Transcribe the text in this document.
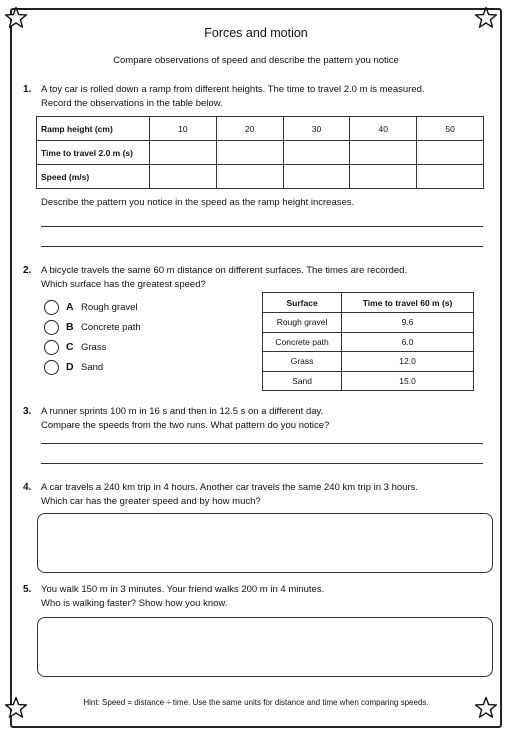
Forces and motion
Compare observations of speed and describe the pattern you notice
1. A toy car is rolled down a ramp from different heights. The time to travel 2.0 m is measured.
Record the observations in the table below.
Ramp height (cm)	10	20	30	40	50
Time to travel 2.0 m (s)					
Speed (m/s)					
Describe the pattern you notice in the speed as the ramp height increases.
2. A bicycle travels the same 60 m distance on different surfaces. The times are recorded.
Which surface has the greatest speed?
A Rough gravel
B Concrete path
C Grass
D Sand
Surface	Time to travel 60 m (s)
Rough gravel	9.6
Concrete path	6.0
Grass	12.0
Sand	15.0
3. A runner sprints 100 m in 16 s and then in 12.5 s on a different day.
Compare the speeds from the two runs. What pattern do you notice?
4. A car travels a 240 km trip in 4 hours. Another car travels the same 240 km trip in 3 hours.
Which car has the greater speed and by how much?
5. You walk 150 m in 3 minutes. Your friend walks 200 m in 4 minutes.
Who is walking faster? Show how you know.
Hint: Speed = distance ÷ time. Use the same units for distance and time when comparing speeds.
